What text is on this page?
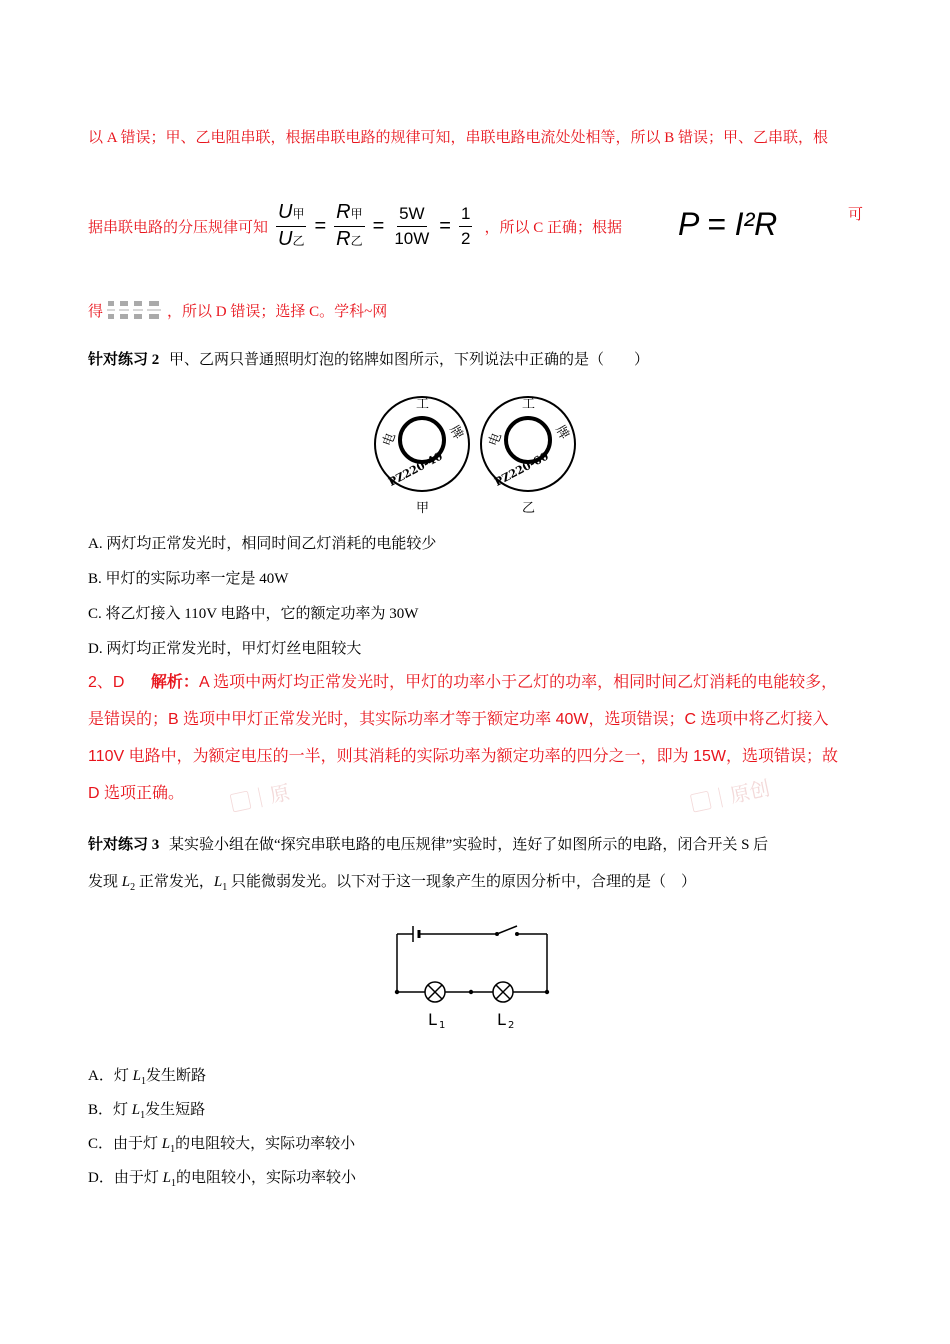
以 A 错误；甲、乙电阻串联，根据串联电路的规律可知，串联电路电流处处相等，所以 B 错误；甲、乙串联，根
据串联电路的分压规律可知 $\frac{\text{U甲}}{\text{U乙}} = \frac{\text{R甲}}{\text{R乙}} = \frac{5W}{10W} = \frac{1}{2}$ ，所以 C 正确；根据 P = I²R	可
得	，所以 D 错误；选择 C。学科~网
针对练习 2 甲、乙两只普通照明灯泡的铭牌如图所示，下列说法中正确的是（　　）
工
电	牌
PZ220-40
甲
工
电	牌
PZ220-60
乙
A. 两灯均正常发光时，相同时间乙灯消耗的电能较少
B. 甲灯的实际功率一定是 40W
C. 将乙灯接入 110V 电路中，它的额定功率为 30W
D. 两灯均正常发光时，甲灯灯丝电阻较大
▢｜原	▢｜原创
2、D 解析：A 选项中两灯均正常发光时，甲灯的功率小于乙灯的功率，相同时间乙灯消耗的电能较多，
是错误的；B 选项中甲灯正常发光时，其实际功率才等于额定功率 40W，选项错误；C 选项中将乙灯接入
110V 电路中，为额定电压的一半，则其消耗的实际功率为额定功率的四分之一，即为 15W，选项错误；故
D 选项正确。
针对练习 3 某实验小组在做“探究串联电路的电压规律”实验时，连好了如图所示的电路，闭合开关 S 后
发现 $L_2$ 正常发光，$L_1$ 只能微弱发光。以下对于这一现象产生的原因分析中，合理的是（　）
L 1	L 2
A．灯 $L_1$发生断路
B．灯 $L_1$发生短路
C．由于灯 $L_1$的电阻较大，实际功率较小
D．由于灯 $L_1$的电阻较小，实际功率较小
